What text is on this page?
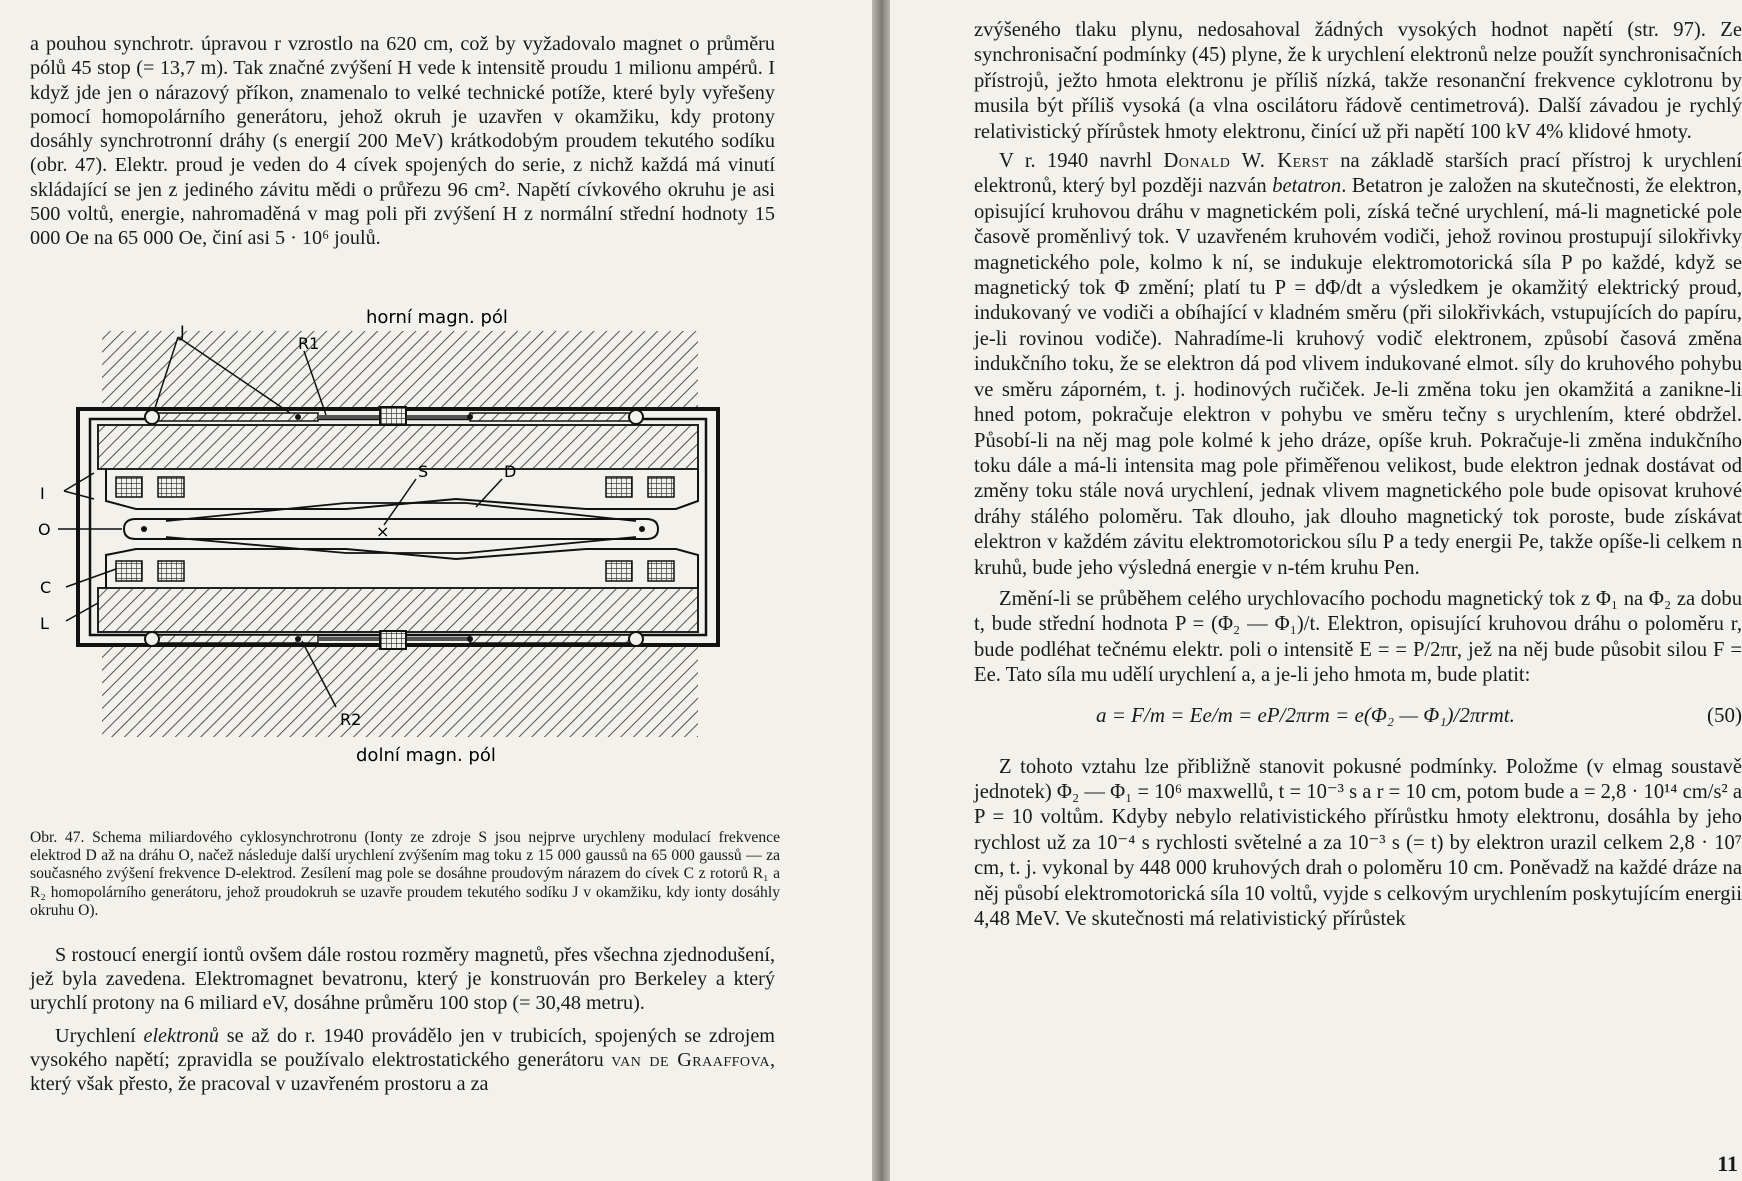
a pouhou synchrotr. úpravou r vzrostlo na 620 cm, což by vyžadovalo magnet o průměru pólů 45 stop (= 13,7 m). Tak značné zvýšení H vede k intensitě proudu 1 milionu ampérů. I když jde jen o nárazový příkon, znamenalo to velké technické potíže, které byly vyřešeny pomocí homopolárního generátoru, jehož okruh je uzavřen v okamžiku, kdy protony dosáhly synchrotronní dráhy (s energií 200 MeV) krátkodobým proudem tekutého sodíku (obr. 47). Elektr. proud je veden do 4 cívek spojených do serie, z nichž každá má vinutí skládající se jen z jediného závitu mědi o průřezu 96 cm². Napětí cívkového okruhu je asi 500 voltů, energie, nahromaděná v mag poli při zvýšení H z normální střední hodnoty 15 000 Oe na 65 000 Oe, činí asi 5 · 10⁶ joulů.

×
horní magn. pól
dolní magn. pól
J
R1
R2
I
O
C
L
S	D

Obr. 47. Schema miliardového cyklosynchrotronu (Ionty ze zdroje S jsou nejprve urychleny modulací frekvence elektrod D až na dráhu O, načež následuje další urychlení zvýšením mag toku z 15 000 gaussů na 65 000 gaussů — za současného zvýšení frekvence D-elektrod. Zesílení mag pole se dosáhne proudovým nárazem do cívek C z rotorů R₁ a R₂ homopolárního generátoru, jehož proudokruh se uzavře proudem tekutého sodíku J v okamžiku, kdy ionty dosáhly okruhu O).

S rostoucí energií iontů ovšem dále rostou rozměry magnetů, přes všechna zjednodušení, jež byla zavedena. Elektromagnet bevatronu, který je konstruován pro Berkeley a který urychlí protony na 6 miliard eV, dosáhne průměru 100 stop (= 30,48 metru).

Urychlení elektronů se až do r. 1940 provádělo jen v trubicích, spojených se zdrojem vysokého napětí; zpravidla se používalo elektrostatického generátoru van de Graaffova, který však přesto, že pracoval v uzavřeném prostoru a za

zvýšeného tlaku plynu, nedosahoval žádných vysokých hodnot napětí (str. 97). Ze synchronisační podmínky (45) plyne, že k urychlení elektronů nelze použít synchronisačních přístrojů, ježto hmota elektronu je příliš nízká, takže resonanční frekvence cyklotronu by musila být příliš vysoká (a vlna oscilátoru řádově centimetrová). Další závadou je rychlý relativistický přírůstek hmoty elektronu, činící už při napětí 100 kV 4% klidové hmoty.

V r. 1940 navrhl Donald W. Kerst na základě starších prací přístroj k urychlení elektronů, který byl později nazván betatron. Betatron je založen na skutečnosti, že elektron, opisující kruhovou dráhu v magnetickém poli, získá tečné urychlení, má-li magnetické pole časově proměnlivý tok. V uzavřeném kruhovém vodiči, jehož rovinou prostupují silokřivky magnetického pole, kolmo k ní, se indukuje elektromotorická síla P po každé, když se magnetický tok Φ změní; platí tu P = dΦ/dt a výsledkem je okamžitý elektrický proud, indukovaný ve vodiči a obíhající v kladném směru (při silokřivkách, vstupujících do papíru, je-li rovinou vodiče). Nahradíme-li kruhový vodič elektronem, způsobí časová změna indukčního toku, že se elektron dá pod vlivem indukované elmot. síly do kruhového pohybu ve směru záporném, t. j. hodinových ručiček. Je-li změna toku jen okamžitá a zanikne-li hned potom, pokračuje elektron v pohybu ve směru tečny s urychlením, které obdržel. Působí-li na něj mag pole kolmé k jeho dráze, opíše kruh. Pokračuje-li změna indukčního toku dále a má-li intensita mag pole přiměřenou velikost, bude elektron jednak dostávat od změny toku stále nová urychlení, jednak vlivem magnetického pole bude opisovat kruhové dráhy stálého poloměru. Tak dlouho, jak dlouho magnetický tok poroste, bude získávat elektron v každém závitu elektromotorickou sílu P a tedy energii Pe, takže opíše-li celkem n kruhů, bude jeho výsledná energie v n-tém kruhu Pen.

Změní-li se průběhem celého urychlovacího pochodu magnetický tok z Φ₁ na Φ₂ za dobu t, bude střední hodnota P = (Φ₂ — Φ₁)/t. Elektron, opisující kruhovou dráhu o poloměru r, bude podléhat tečnému elektr. poli o intensitě E = = P/2πr, jež na něj bude působit silou F = Ee. Tato síla mu udělí urychlení a, a je-li jeho hmota m, bude platit:

a = F/m = Ee/m = eP/2πrm = e(Φ₂ — Φ₁)/2πrmt.	(50)

Z tohoto vztahu lze přibližně stanovit pokusné podmínky. Položme (v elmag soustavě jednotek) Φ₂ — Φ₁ = 10⁶ maxwellů, t = 10⁻³ s a r = 10 cm, potom bude a = 2,8 · 10¹⁴ cm/s² a P = 10 voltům. Kdyby nebylo relativistického přírůstku hmoty elektronu, dosáhla by jeho rychlost už za 10⁻⁴ s rychlosti světelné a za 10⁻³ s (= t) by elektron urazil celkem 2,8 · 10⁷ cm, t. j. vykonal by 448 000 kruhových drah o poloměru 10 cm. Poněvadž na každé dráze na něj působí elektromotorická síla 10 voltů, vyjde s celkovým urychlením poskytujícím energii 4,48 MeV. Ve skutečnosti má relativistický přírůstek

11
